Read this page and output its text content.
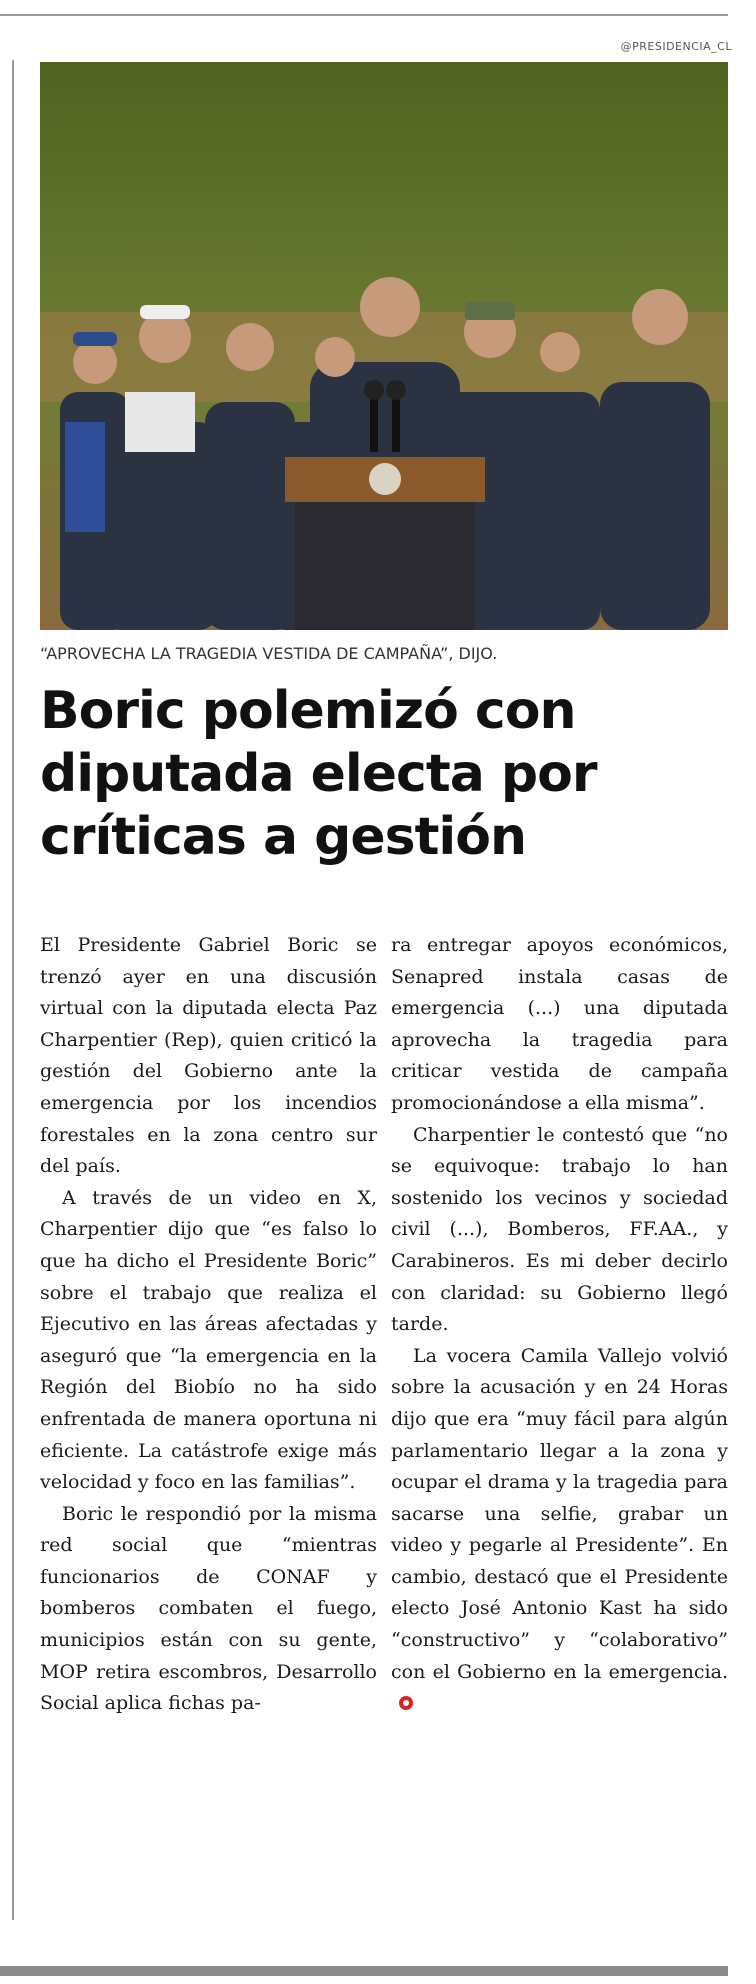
@PRESIDENCIA_CL
“APROVECHA LA TRAGEDIA VESTIDA DE CAMPAÑA”, DIJO.
Boric polemizó con
diputada electa por
críticas a gestión

El Presidente Gabriel Boric se trenzó ayer en una discusión virtual con la diputada electa Paz Charpentier (Rep), quien criticó la gestión del Gobierno ante la emergencia por los incendios forestales en la zona centro sur del país.

A través de un video en X, Charpentier dijo que “es falso lo que ha dicho el Presidente Boric” sobre el trabajo que realiza el Ejecutivo en las áreas afectadas y aseguró que “la emergencia en la Región del Biobío no ha sido enfrentada de manera oportuna ni eficiente. La catástrofe exige más velocidad y foco en las familias”.

Boric le respondió por la misma red social que “mientras funcionarios de CONAF y bomberos combaten el fuego, municipios están con su gente, MOP retira escombros, Desarrollo Social aplica fichas pa-

ra entregar apoyos económicos, Senapred instala casas de emergencia (...) una diputada aprovecha la tragedia para criticar vestida de campaña promocionándose a ella misma”.

Charpentier le contestó que “no se equivoque: trabajo lo han sostenido los vecinos y sociedad civil (...), Bomberos, FF.AA., y Carabineros. Es mi deber decirlo con claridad: su Gobierno llegó tarde.

La vocera Camila Vallejo volvió sobre la acusación y en 24 Horas dijo que era “muy fácil para algún parlamentario llegar a la zona y ocupar el drama y la tragedia para sacarse una selfie, grabar un video y pegarle al Presidente”. En cambio, destacó que el Presidente electo José Antonio Kast ha sido “constructivo” y “colaborativo” con el Gobierno en la emergencia.
